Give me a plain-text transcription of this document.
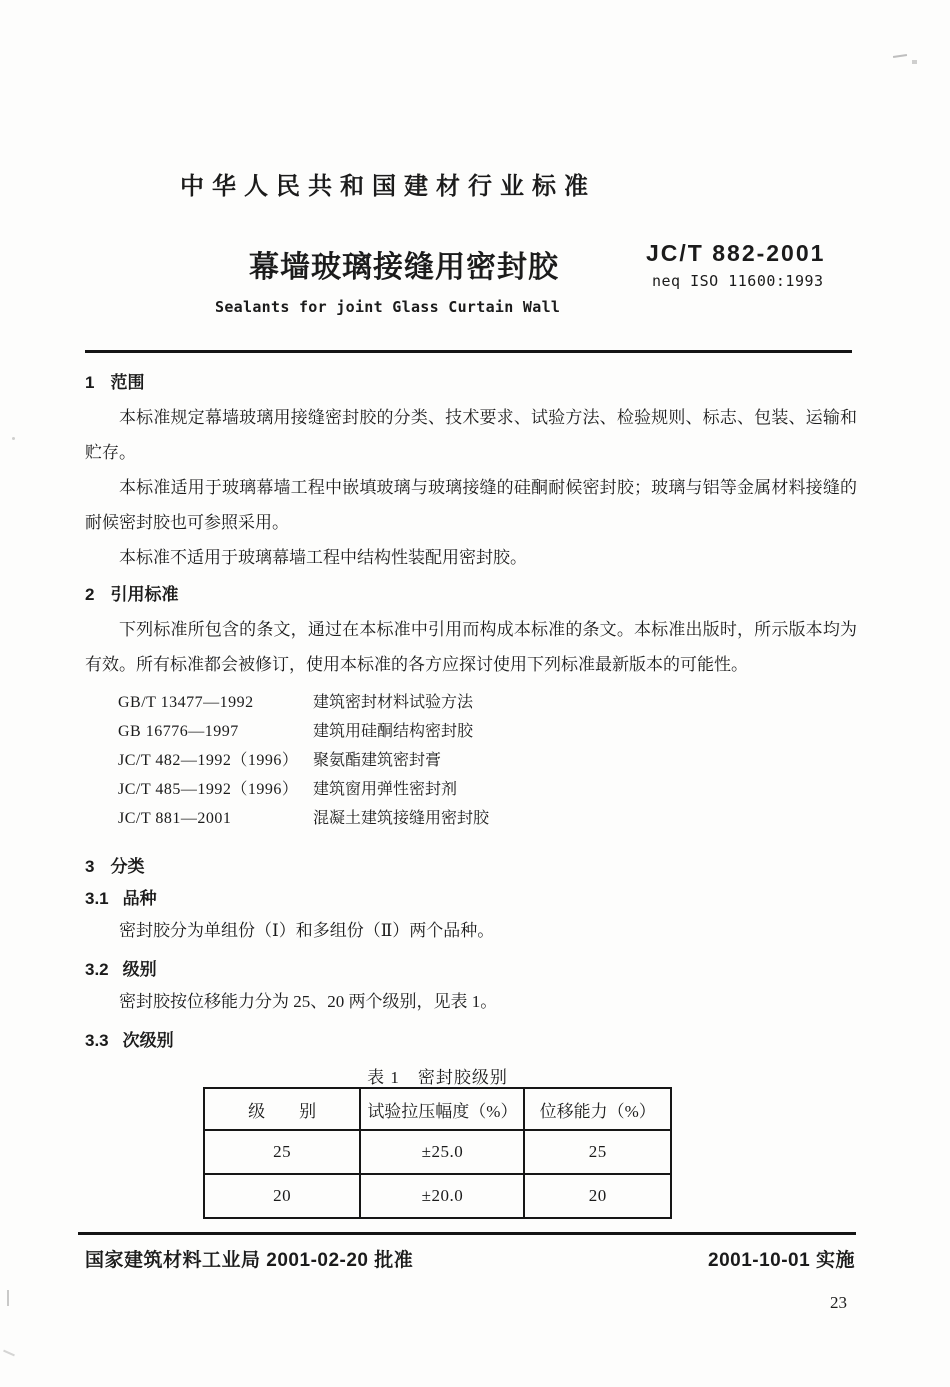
中华人民共和国建材行业标准
幕墙玻璃接缝用密封胶	JC/T 882-2001
neq ISO 11600:1993
Sealants for joint Glass Curtain Wall
1 范围

本标准规定幕墙玻璃用接缝密封胶的分类、技术要求、试验方法、检验规则、标志、包装、运输和贮存。

本标准适用于玻璃幕墙工程中嵌填玻璃与玻璃接缝的硅酮耐候密封胶；玻璃与铝等金属材料接缝的耐候密封胶也可参照采用。

本标准不适用于玻璃幕墙工程中结构性装配用密封胶。

2 引用标准

下列标准所包含的条文，通过在本标准中引用而构成本标准的条文。本标准出版时，所示版本均为有效。所有标准都会被修订，使用本标准的各方应探讨使用下列标准最新版本的可能性。

GB/T 13477—1992	建筑密封材料试验方法
GB 16776—1997	建筑用硅酮结构密封胶
JC/T 482—1992（1996） 聚氨酯建筑密封膏
JC/T 485—1992（1996） 建筑窗用弹性密封剂
JC/T 881—2001	混凝土建筑接缝用密封胶
3 分类
3.1 品种

密封胶分为单组份（Ⅰ）和多组份（Ⅱ）两个品种。

3.2 级别

密封胶按位移能力分为 25、20 两个级别，见表 1。

3.3 次级别
表 1　密封胶级别
级　　别	试验拉压幅度（%）	位移能力（%）
25	±25.0	25
20	±20.0	20
国家建筑材料工业局 2001-02-20 批准	2001-10-01 实施
23
